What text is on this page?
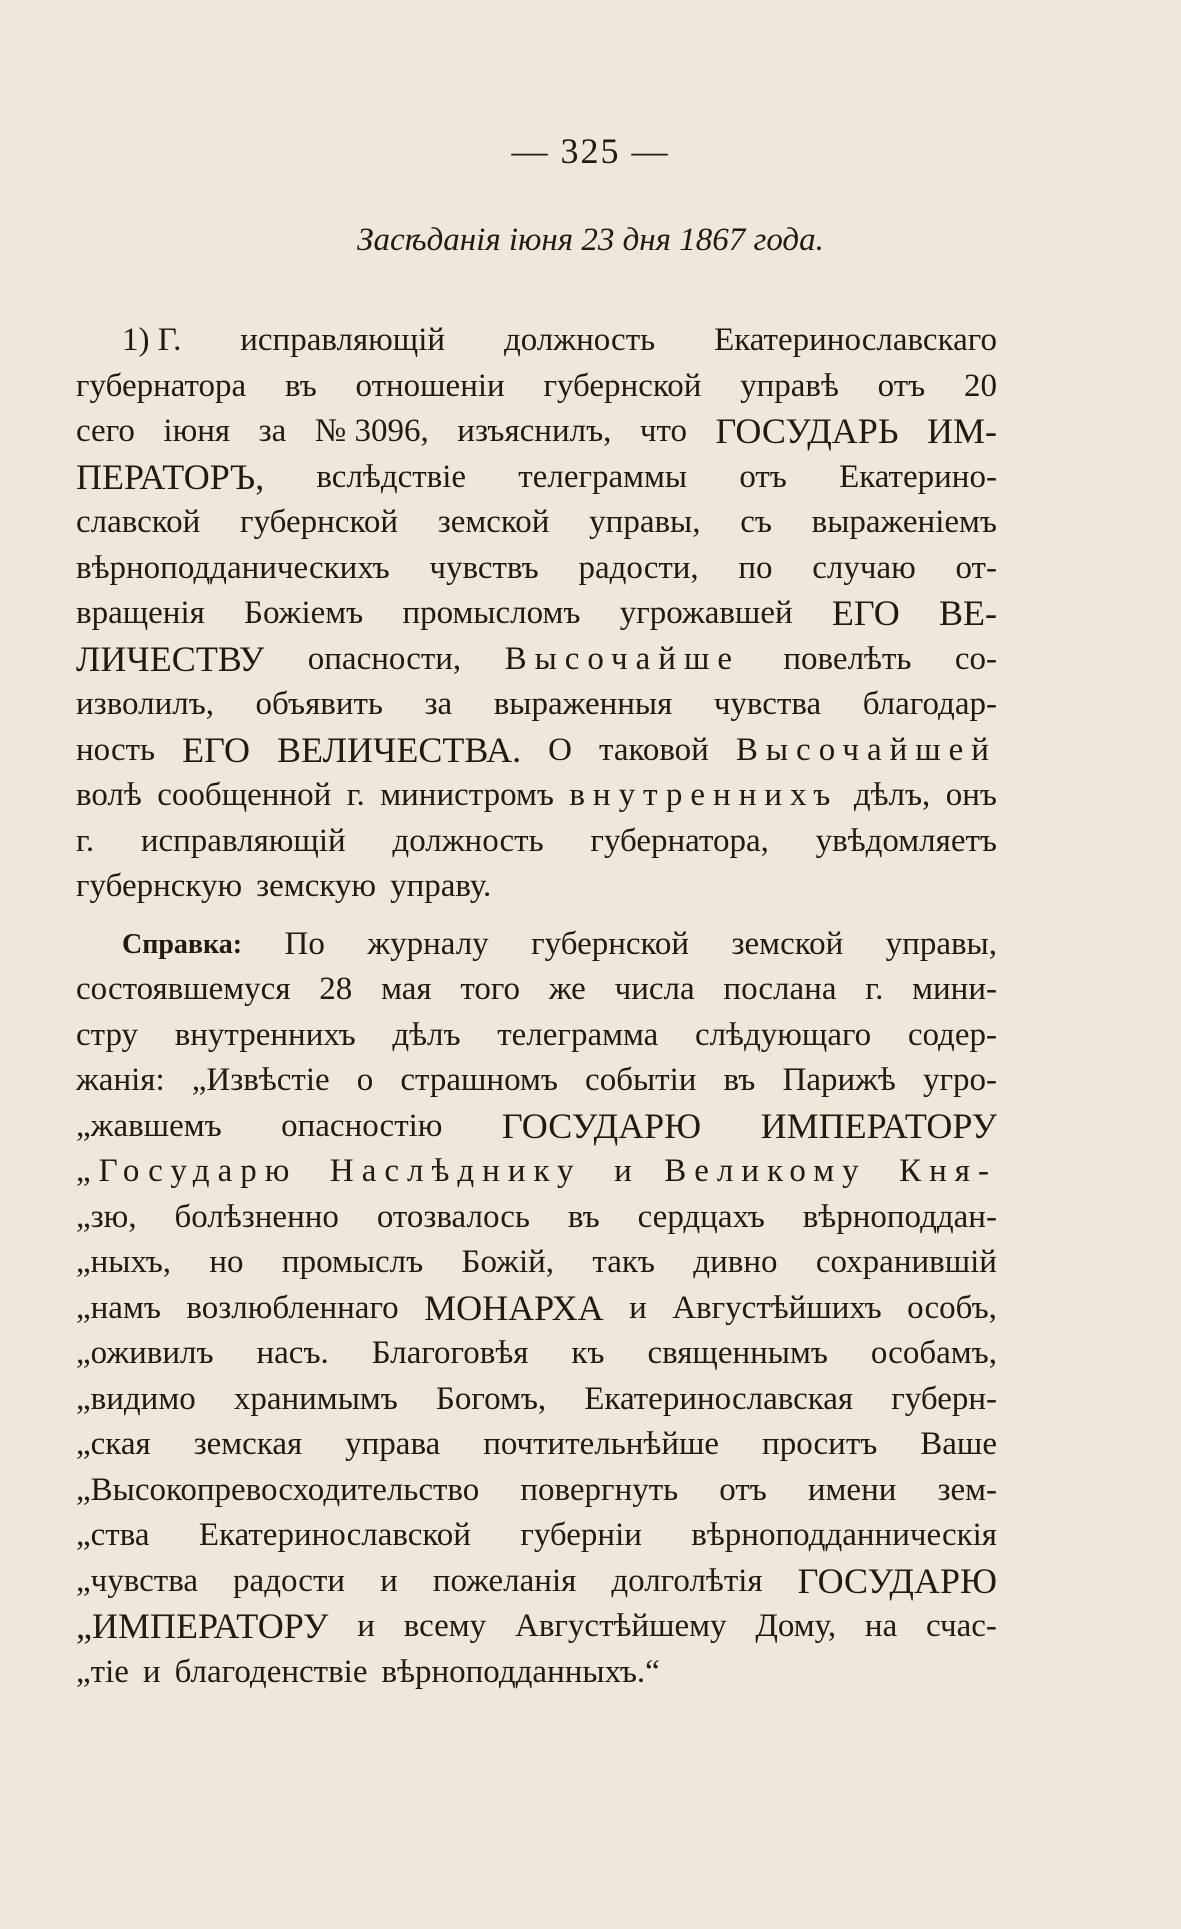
— 325 —
Засѣданія іюня 23 дня 1867 года.
1) Г. исправляющій должность Екатеринославскаго
губернатора въ отношеніи губернской управѣ отъ 20
сего іюня за № 3096, изъяснилъ, что ГОСУДАРЬ ИМ-
ПЕРАТОРЪ, вслѣдствіе телеграммы отъ Екатерино-
славской губернской земской управы, съ выраженіемъ
вѣрноподданическихъ чувствъ радости, по случаю от-
вращенія Божіемъ промысломъ угрожавшей ЕГО ВЕ-
ЛИЧЕСТВУ опасности, Высочайше повелѣть со-
изволилъ, объявить за выраженныя чувства благодар-
ность ЕГО ВЕЛИЧЕСТВА. О таковой Высочайшей
волѣ сообщенной г. министромъ внутреннихъ дѣлъ, онъ
г. исправляющій должность губернатора, увѣдомляетъ
губернскую земскую управу.
Справка: По журналу губернской земской управы,
состоявшемуся 28 мая того же числа послана г. мини-
стру внутреннихъ дѣлъ телеграмма слѣдующаго содер-
жанія: „Извѣстіе о страшномъ событіи въ Парижѣ угро-
„жавшемъ опасностію ГОСУДАРЮ ИМПЕРАТОРУ
„Государю Наслѣднику и Великому Кня-
„зю, болѣзненно отозвалось въ сердцахъ вѣрноподдан-
„ныхъ, но промыслъ Божій, такъ дивно сохранившій
„намъ возлюбленнаго МОНАРХА и Августѣйшихъ особъ,
„оживилъ насъ. Благоговѣя къ священнымъ особамъ,
„видимо хранимымъ Богомъ, Екатеринославская губерн-
„ская земская управа почтительнѣйше проситъ Ваше
„Высокопревосходительство повергнуть отъ имени зем-
„ства Екатеринославской губерніи вѣрноподданническія
„чувства радости и пожеланія долголѣтія ГОСУДАРЮ
„ИМПЕРАТОРУ и всему Августѣйшему Дому, на счас-
„тіе и благоденствіе вѣрноподданныхъ.“
